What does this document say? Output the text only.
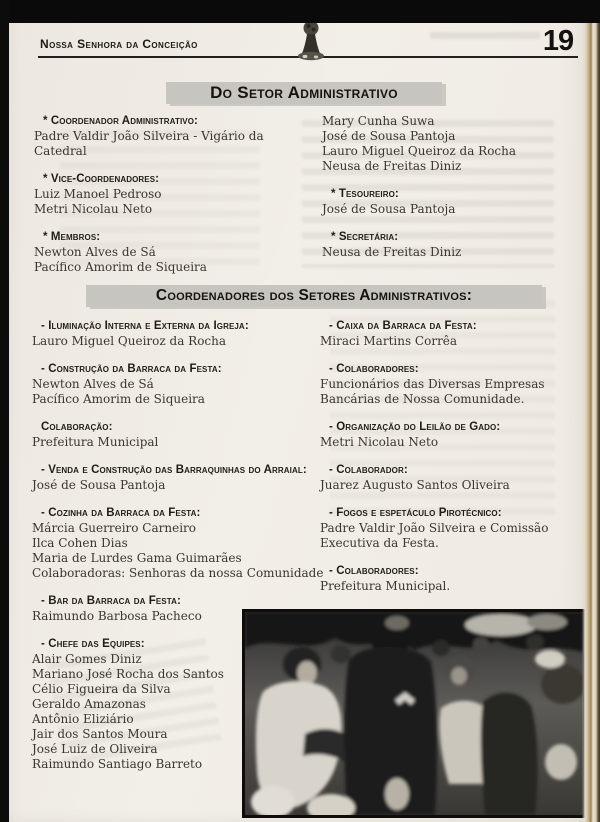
Nossa Senhora da Conceição	19
Do Setor Administrativo
* Coordenador Administrativo:
Padre Valdir João Silveira - Vigário da Catedral
* Vice-Coordenadores:
Luiz Manoel Pedroso
Metri Nicolau Neto
* Membros:
Newton Alves de Sá
Pacífico Amorim de Siqueira
Mary Cunha Suwa
José de Sousa Pantoja
Lauro Miguel Queiroz da Rocha
Neusa de Freitas Diniz
* Tesoureiro:
José de Sousa Pantoja
* Secretária:
Neusa de Freitas Diniz
Coordenadores dos Setores Administrativos:
- Iluminação Interna e Externa da Igreja:
Lauro Miguel Queiroz da Rocha
- Construção da Barraca da Festa:
Newton Alves de Sá
Pacífico Amorim de Siqueira
Colaboração:
Prefeitura Municipal
- Venda e Construção das Barraquinhas do Arraial:
José de Sousa Pantoja
- Cozinha da Barraca da Festa:
Márcia Guerreiro Carneiro
Ilca Cohen Dias
Maria de Lurdes Gama Guimarães
Colaboradoras: Senhoras da nossa Comunidade
- Bar da Barraca da Festa:
Raimundo Barbosa Pacheco
- Chefe das Equipes:
Alair Gomes Diniz
Mariano José Rocha dos Santos
Célio Figueira da Silva
Geraldo Amazonas
Antônio Eliziário
Jair dos Santos Moura
José Luiz de Oliveira
Raimundo Santiago Barreto
- Caixa da Barraca da Festa:
Miraci Martins Corrêa
- Colaboradores:
Funcionários das Diversas Empresas Bancárias de Nossa Comunidade.
- Organização do Leilão de Gado:
Metri Nicolau Neto
- Colaborador:
Juarez Augusto Santos Oliveira
- Fogos e espetáculo Pirotécnico:
Padre Valdir João Silveira e Comissão Executiva da Festa.
- Colaboradores:
Prefeitura Municipal.
